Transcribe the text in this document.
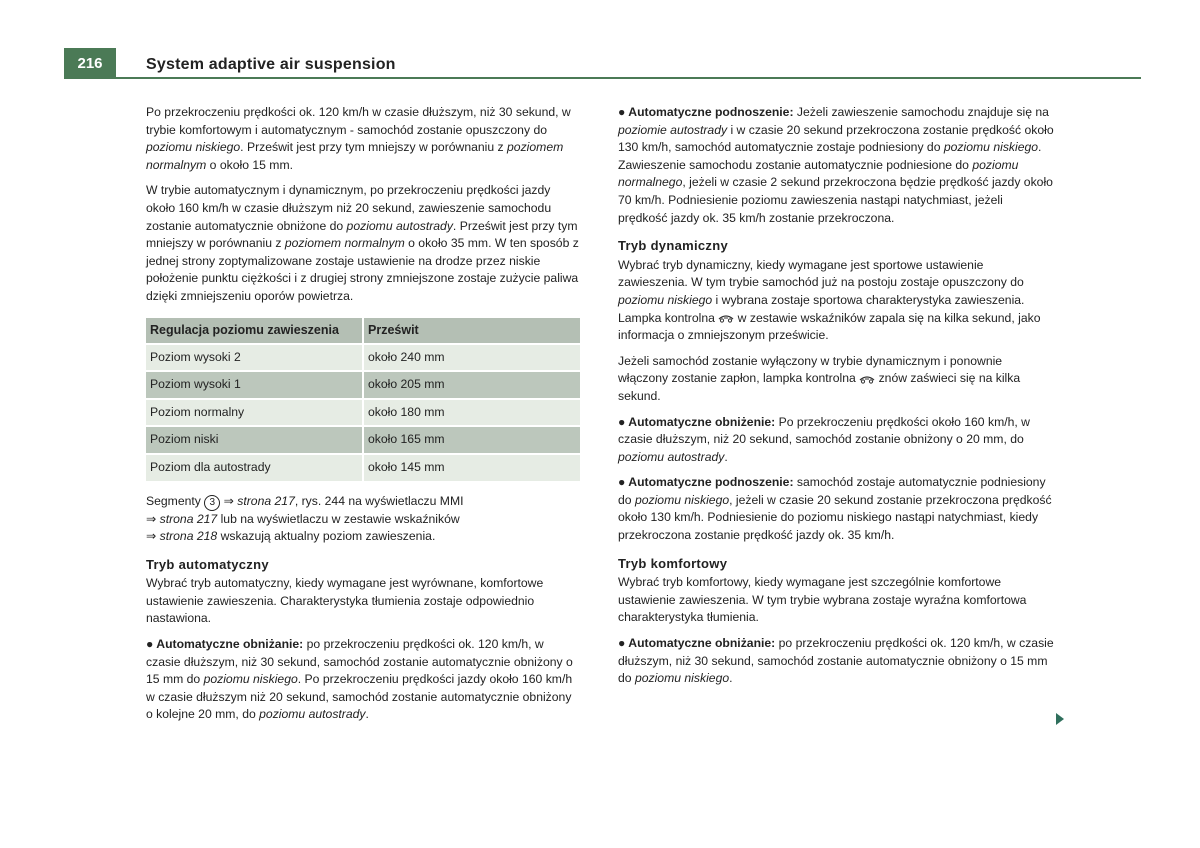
216	System adaptive air suspension

Po przekroczeniu prędkości ok. 120 km/h w czasie dłuższym, niż 30 sekund, w trybie komfortowym i automatycznym - samochód zostanie opuszczony do poziomu niskiego. Prześwit jest przy tym mniejszy w porównaniu z poziomem normalnym o około 15 mm.

W trybie automatycznym i dynamicznym, po przekroczeniu prędkości jazdy około 160 km/h w czasie dłuższym niż 20 sekund, zawieszenie samochodu zostanie automatycznie obniżone do poziomu autostrady. Prześwit jest przy tym mniejszy w porównaniu z poziomem normalnym o około 35 mm. W ten sposób z jednej strony zoptymalizowane zostaje ustawienie na drodze przez niskie położenie punktu ciężkości i z drugiej strony zmniejszone zostaje zużycie paliwa dzięki zmniejszeniu oporów powietrza.

Regulacja poziomu zawieszenia	Prześwit
Poziom wysoki 2	około 240 mm
Poziom wysoki 1	około 205 mm
Poziom normalny	około 180 mm
Poziom niski	około 165 mm
Poziom dla autostrady	około 145 mm

Segmenty 3 ⇒ strona 217, rys. 244 na wyświetlaczu MMI
⇒ strona 217 lub na wyświetlaczu w zestawie wskaźników
⇒ strona 218 wskazują aktualny poziom zawieszenia.

Tryb automatyczny

Wybrać tryb automatyczny, kiedy wymagane jest wyrównane, komfortowe ustawienie zawieszenia. Charakterystyka tłumienia zostaje odpowiednio nastawiona.

● Automatyczne obniżanie: po przekroczeniu prędkości ok. 120 km/h, w czasie dłuższym, niż 30 sekund, samochód zostanie automatycznie obniżony o 15 mm do poziomu niskiego. Po przekroczeniu prędkości jazdy około 160 km/h w czasie dłuższym niż 20 sekund, samochód zostanie automatycznie obniżony o kolejne 20 mm, do poziomu autostrady.

● Automatyczne podnoszenie: Jeżeli zawieszenie samochodu znajduje się na poziomie autostrady i w czasie 20 sekund przekroczona zostanie prędkość około 130 km/h, samochód automatycznie zostaje podniesiony do poziomu niskiego. Zawieszenie samochodu zostanie automatycznie podniesione do poziomu normalnego, jeżeli w czasie 2 sekund przekroczona będzie prędkość jazdy około 70 km/h. Podniesienie poziomu zawieszenia nastąpi natychmiast, jeżeli prędkość jazdy ok. 35 km/h zostanie przekroczona.

Tryb dynamiczny

Wybrać tryb dynamiczny, kiedy wymagane jest sportowe ustawienie zawieszenia. W tym trybie samochód już na postoju zostaje opuszczony do poziomu niskiego i wybrana zostaje sportowa charakterystyka zawieszenia. Lampka kontrolna  w zestawie wskaźników zapala się na kilka sekund, jako informacja o zmniejszonym prześwicie.

Jeżeli samochód zostanie wyłączony w trybie dynamicznym i ponownie włączony zostanie zapłon, lampka kontrolna  znów zaświeci się na kilka sekund.

● Automatyczne obniżenie: Po przekroczeniu prędkości około 160 km/h, w czasie dłuższym, niż 20 sekund, samochód zostanie obniżony o 20 mm, do poziomu autostrady.

● Automatyczne podnoszenie: samochód zostaje automatycznie podniesiony do poziomu niskiego, jeżeli w czasie 20 sekund zostanie przekroczona prędkość około 130 km/h. Podniesienie do poziomu niskiego nastąpi natychmiast, kiedy przekroczona zostanie prędkość jazdy ok. 35 km/h.

Tryb komfortowy

Wybrać tryb komfortowy, kiedy wymagane jest szczególnie komfortowe ustawienie zawieszenia. W tym trybie wybrana zostaje wyraźna komfortowa charakterystyka tłumienia.

● Automatyczne obniżanie: po przekroczeniu prędkości ok. 120 km/h, w czasie dłuższym, niż 30 sekund, samochód zostanie automatycznie obniżony o 15 mm do poziomu niskiego.
